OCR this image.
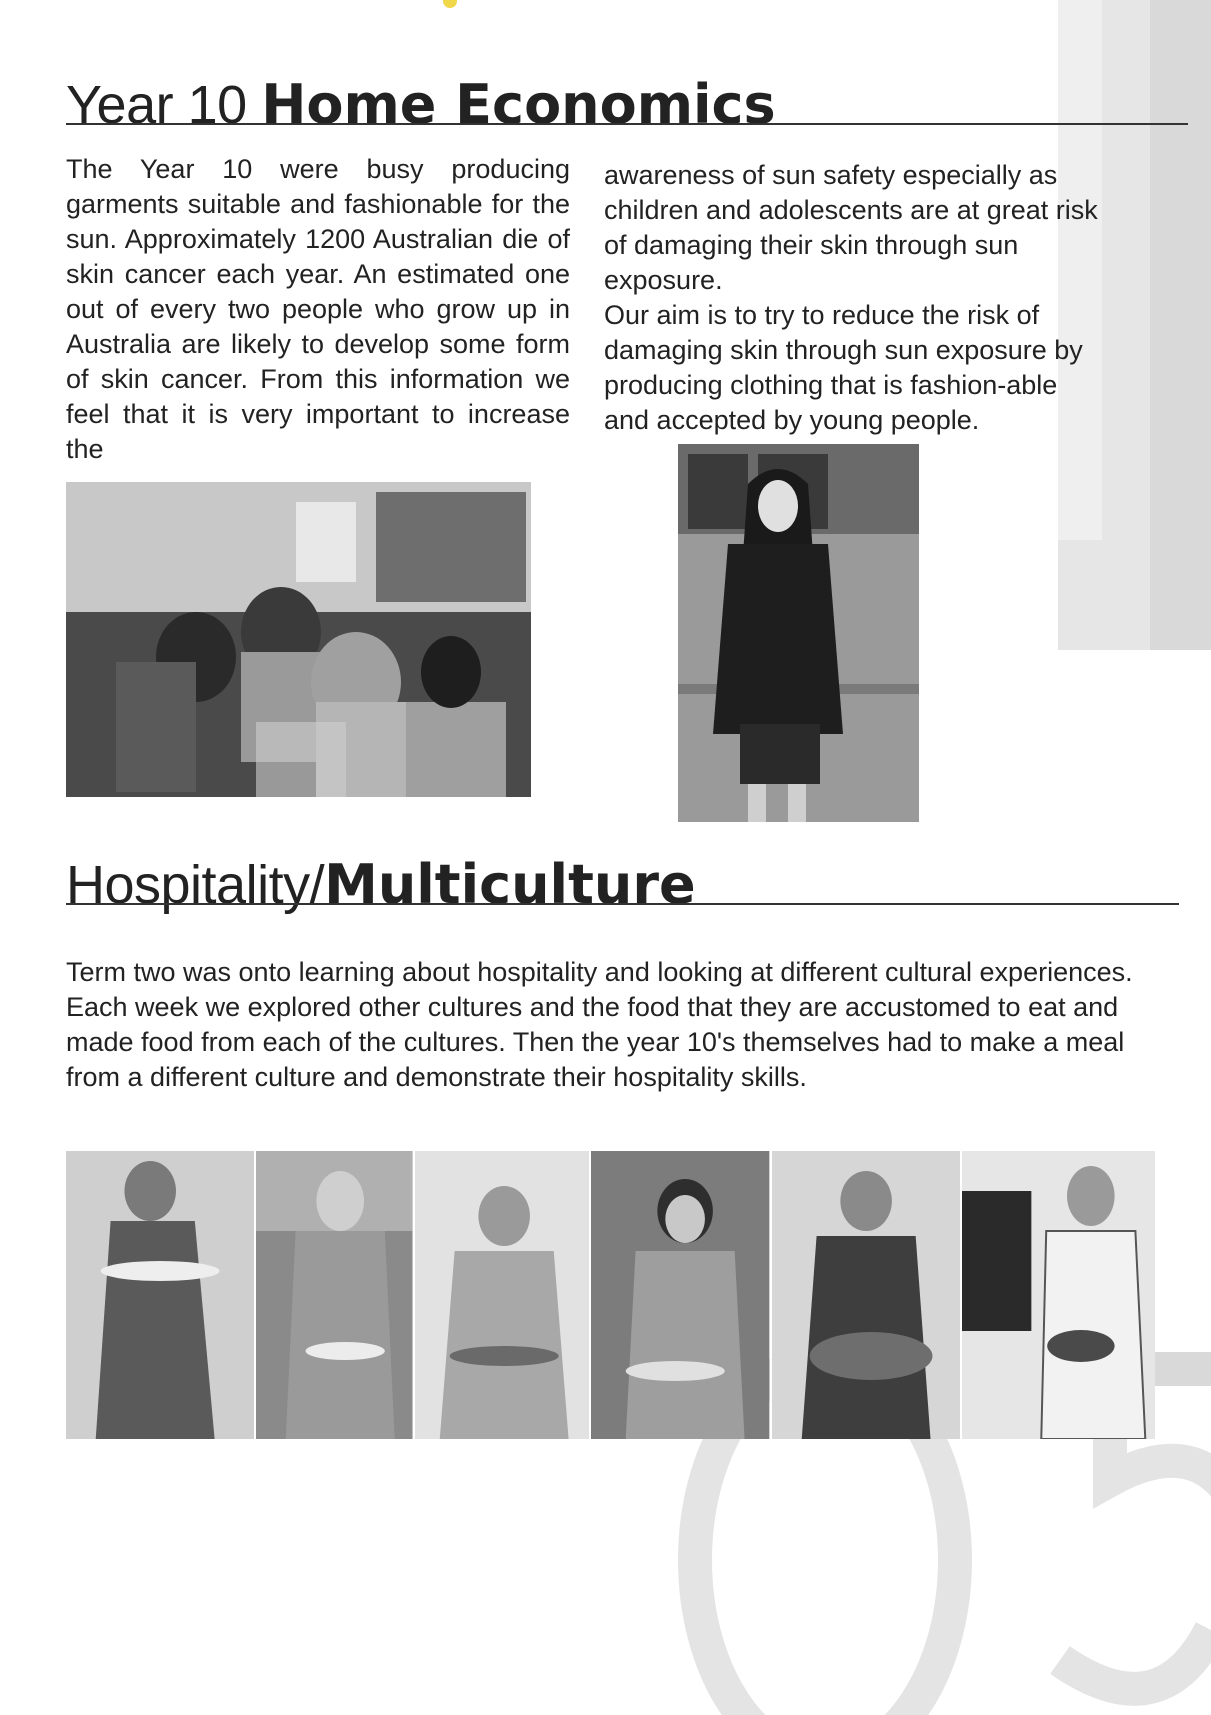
Year 10 Home Economics

The Year 10 were busy producing garments suitable and fashionable for the sun. Approximately 1200 Australian die of skin cancer each year. An estimated one out of every two people who grow up in Australia are likely to develop some form of skin cancer. From this information we feel that it is very important to increase the

awareness of sun safety especially as children and adolescents are at great risk of damaging their skin through sun exposure.

Our aim is to try to reduce the risk of damaging skin through sun exposure by producing clothing that is fashion-able and accepted by young people.

Hospitality/Multiculture

Term two was onto learning about hospitality and looking at different cultural experiences. Each week we explored other cultures and the food that they are accustomed to eat and made food from each of the cultures. Then the year 10's themselves had to make a meal from a different culture and demonstrate their hospitality skills.
